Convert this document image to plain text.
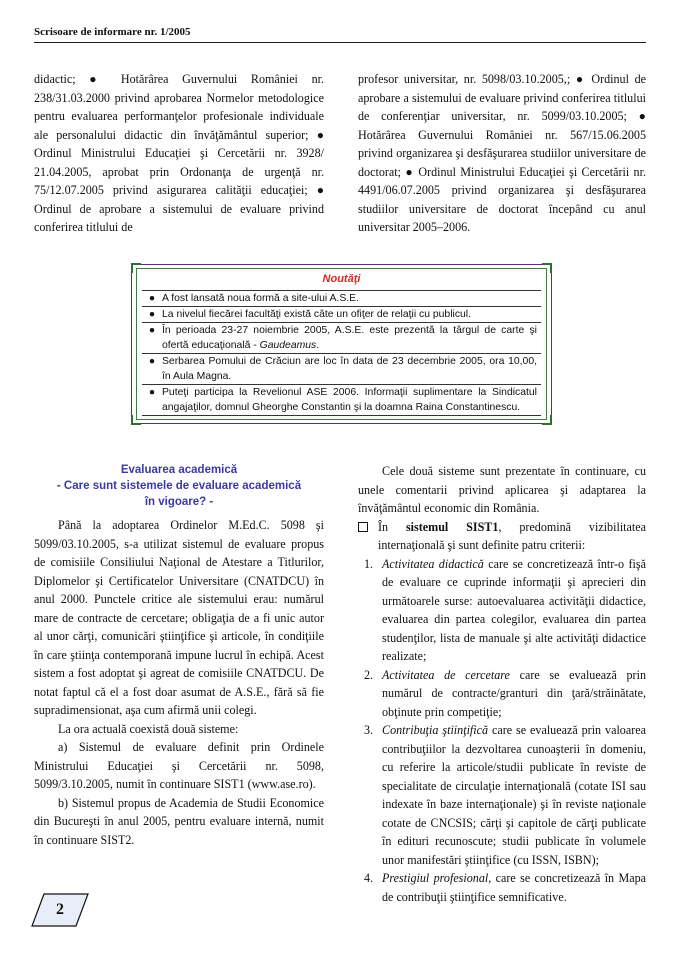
Scrisoare de informare nr. 1/2005

didactic; ● Hotărârea Guvernului României nr. 238/31.03.2000 privind aprobarea Normelor metodologice pentru evaluarea performanţelor profesionale individuale ale personalului didactic din învăţământul superior; ● Ordinul Ministrului Educaţiei şi Cercetării nr. 3928/ 21.04.2005, aprobat prin Ordonanţa de urgenţă nr. 75/12.07.2005 privind asigurarea calităţii educaţiei; ● Ordinul de aprobare a sistemului de evaluare privind conferirea titlului de

profesor universitar, nr. 5098/03.10.2005,; ● Ordinul de aprobare a sistemului de evaluare privind conferirea titlului de conferenţiar universitar, nr. 5099/03.10.2005; ● Hotărârea Guvernului României nr. 567/15.06.2005 privind organizarea şi desfăşurarea studiilor universitare de doctorat; ● Ordinul Ministrului Educaţiei şi Cercetării nr. 4491/06.07.2005 privind organizarea şi desfăşurarea studiilor universitare de doctorat începând cu anul universitar 2005–2006.

Noutăţi
● A fost lansată noua formă a site-ului A.S.E.
● La nivelul fiecărei facultăţi există câte un ofiţer de relaţii cu publicul.
● În perioada 23-27 noiembrie 2005, A.S.E. este prezentă la târgul de carte şi ofertă educaţională - Gaudeamus.
● Serbarea Pomului de Crăciun are loc în data de 23 decembrie 2005, ora 10,00, în Aula Magna.
● Puteţi participa la Revelionul ASE 2006. Informaţii suplimentare la Sindicatul angajaţilor, domnul Gheorghe Constantin şi la doamna Raina Constantinescu.
Evaluarea academică
- Care sunt sistemele de evaluare academică
în vigoare? -

Până la adoptarea Ordinelor M.Ed.C. 5098 şi 5099/03.10.2005, s-a utilizat sistemul de evaluare propus de comisiile Consiliului Naţional de Atestare a Titlurilor, Diplomelor şi Certificatelor Universitare (CNATDCU) în anul 2000. Punctele critice ale sistemului erau: numărul mare de contracte de cercetare; obligaţia de a fi unic autor al unor cărţi, comunicări ştiinţifice şi articole, în condiţiile în care ştiinţa contemporană impune lucrul în echipă. Acest sistem a fost adoptat şi agreat de comisiile CNATDCU. De notat faptul că el a fost doar asumat de A.S.E., fără să fie supradimensionat, aşa cum afirmă unii colegi.

La ora actuală coexistă două sisteme:

a) Sistemul de evaluare definit prin Ordinele Ministrului Educaţiei şi Cercetării nr. 5098, 5099/3.10.2005, numit în continuare SIST1 (www.ase.ro).

b) Sistemul propus de Academia de Studii Economice din Bucureşti în anul 2005, pentru evaluare internă, numit în continuare SIST2.

Cele două sisteme sunt prezentate în continuare, cu unele comentarii privind aplicarea şi adaptarea la învăţământul economic din România.

În sistemul SIST1, predomină vizibilitatea internaţională şi sunt definite patru criterii:

1. Activitatea didactică care se concretizează într-o fişă de evaluare ce cuprinde informaţii şi aprecieri din următoarele surse: autoevaluarea activităţii didactice, evaluarea din partea colegilor, evaluarea din partea studenţilor, lista de manuale şi alte activităţi didactice realizate;
2. Activitatea de cercetare care se evaluează prin numărul de contracte/granturi din ţară/străinătate, obţinute prin competiţie;
3. Contribuţia ştiinţifică care se evaluează prin valoarea contribuţiilor la dezvoltarea cunoaşterii în domeniu, cu referire la articole/studii publicate în reviste de specialitate de circulaţie internaţională (cotate ISI sau indexate în baze internaţionale) şi în reviste naţionale cotate de CNCSIS; cărţi şi capitole de cărţi publicate în edituri recunoscute; studii publicate în volumele unor manifestări ştiinţifice (cu ISSN, ISBN);
4. Prestigiul profesional, care se concretizează în Mapa de contribuţii ştiinţifice semnificative.
2
